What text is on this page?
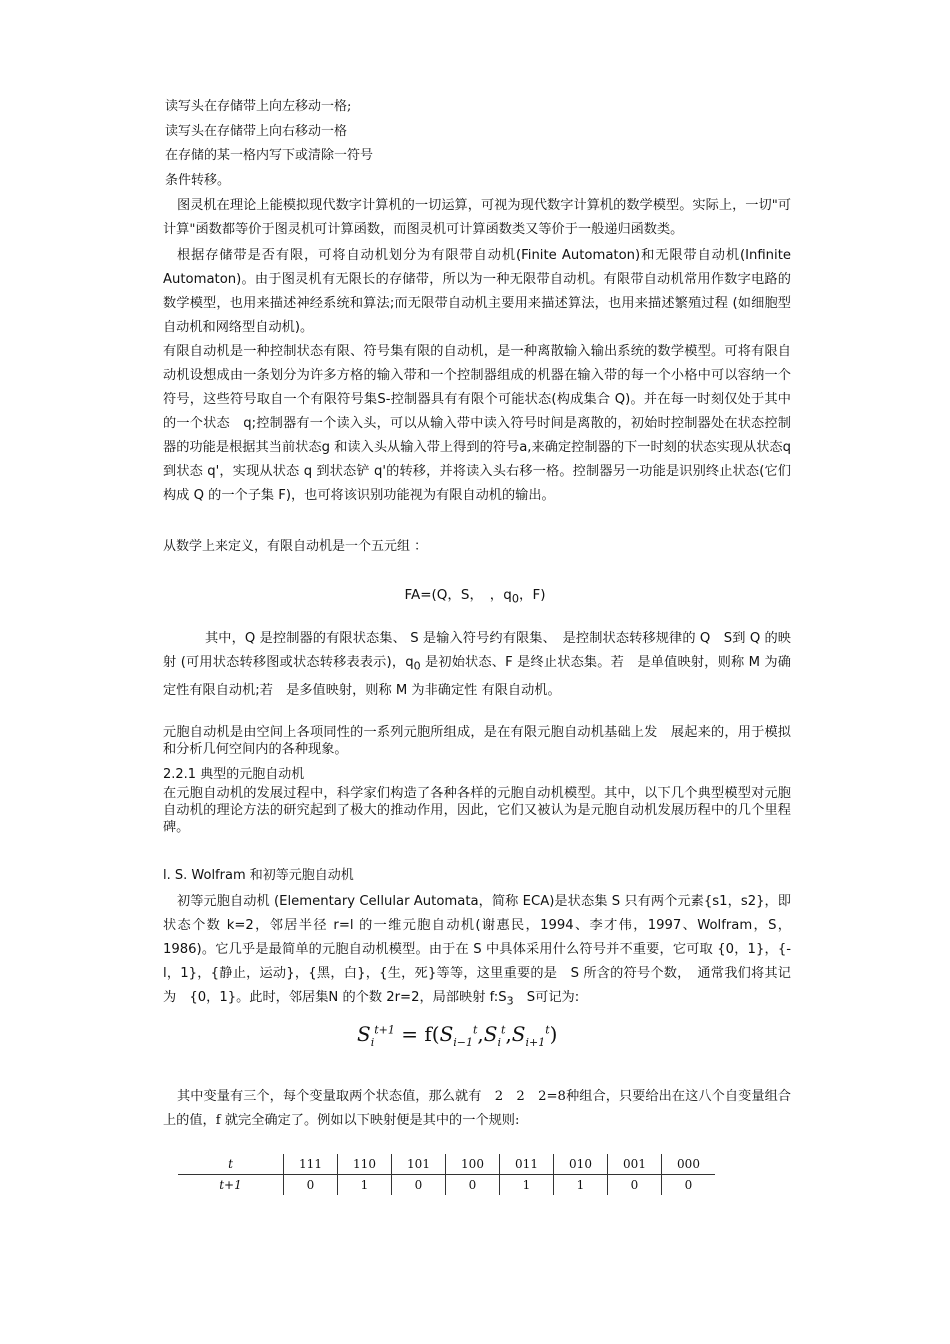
读写头在存储带上向左移动一格;
读写头在存储带上向右移动一格
在存储的某一格内写下或清除一符号
条件转移。
图灵机在理论上能模拟现代数字计算机的一切运算，可视为现代数字计算机的数学模型。实际上，一切"可计算"函数都等价于图灵机可计算函数，而图灵机可计算函数类又等价于一般递归函数类。
根据存储带是否有限，可将自动机划分为有限带自动机(Finite Automaton)和无限带自动机(Infinite Automaton)。由于图灵机有无限长的存储带，所以为一种无限带自动机。有限带自动机常用作数字电路的数学模型，也用来描述神经系统和算法;而无限带自动机主要用来描述算法，也用来描述繁殖过程 (如细胞型自动机和网络型自动机)。
有限自动机是一种控制状态有限、符号集有限的自动机，是一种离散输入输出系统的数学模型。可将有限自动机设想成由一条划分为许多方格的输入带和一个控制器组成的机器在输入带的每一个小格中可以容纳一个符号，这些符号取自一个有限符号集S-控制器具有有限个可能状态(构成集合 Q)。并在每一时刻仅处于其中的一个状态　q;控制器有一个读入头，可以从输入带中读入符号时间是离散的，初始时控制器处在状态控制器的功能是根据其当前状态g 和读入头从输入带上得到的符号a,来确定控制器的下一时刻的状态实现从状态q 到状态 q'，实现从状态 q 到状态铲 q'的转移，并将读入头右移一格。控制器另一功能是识别终止状态(它们构成 Q 的一个子集 F)，也可将该识别功能视为有限自动机的输出。
从数学上来定义，有限自动机是一个五元组 ：
FA=(Q，S，　，$q_0$，F)
其中，Q 是控制器的有限状态集、 S 是输入符号约有限集、　是控制状态转移规律的 Q　S到 Q 的映射 (可用状态转移图或状态转移表表示)，$q_0$ 是初始状态、F 是终止状态集。若　是单值映射，则称 M 为确定性有限自动机;若　是多值映射，则称 M 为非确定性 有限自动机。
元胞自动机是由空间上各项同性的一系列元胞所组成，是在有限元胞自动机基础上发　展起来的，用于模拟和分析几何空间内的各种现象。
2.2.1 典型的元胞自动机
在元胞自动机的发展过程中，科学家们构造了各种各样的元胞自动机模型。其中，以下几个典型模型对元胞自动机的理论方法的研究起到了极大的推动作用，因此，它们又被认为是元胞自动机发展历程中的几个里程碑。
l. S. Wolfram 和初等元胞自动机
初等元胞自动机 (Elementary Cellular Automata，简称 ECA)是状态集 S 只有两个元素{s1，s2}，即状态个数 k=2，邻居半径 r=l 的一维元胞自动机(谢惠民，1994、李才伟，1997、Wolfram，S，1986)。它几乎是最简单的元胞自动机模型。由于在 S 中具体采用什么符号并不重要，它可取 {0，1}，{-l，1}，{静止，运动}，{黑，白}，{生，死}等等，这里重要的是　S 所含的符号个数，　通常我们将其记为　{0，1}。此时，邻居集N 的个数 2r=2，局部映射 $f:S_3$　S可记为:
$S_i^{t+1} = f(S_{i-1}^t,S_i^t,S_{i+1}^t)$
其中变量有三个，每个变量取两个状态值，那么就有　2　2　2=8种组合，只要给出在这八个自变量组合上的值，f 就完全确定了。例如以下映射便是其中的一个规则:
t	111	110	101	100	011	010	001	000
t+1	0	1	0	0	1	1	0	0
